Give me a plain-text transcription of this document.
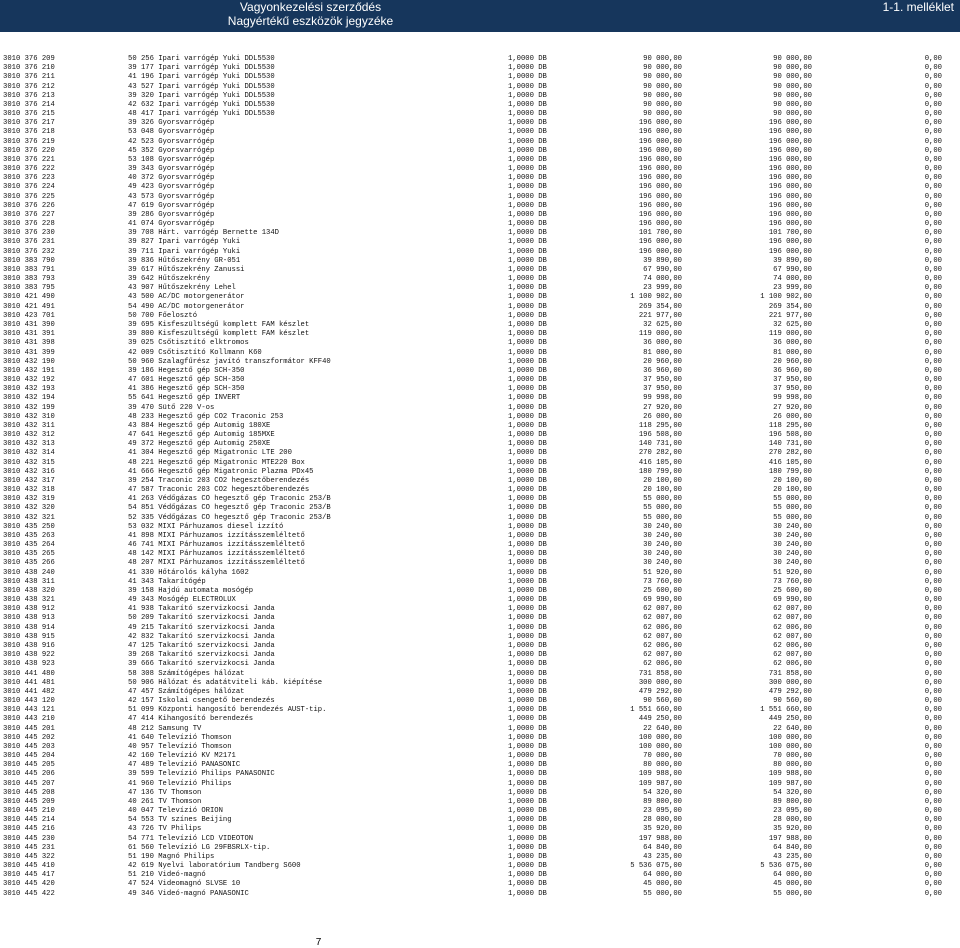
Vagyonkezelési szerződés
Nagyértékű eszközök jegyzéke
1-1. melléklet
3010 376 209	50 256 Ipari varrógép Yuki DDL5530	1,0000 DB	90 000,00	90 000,00	0,00
3010 376 210	39 177 Ipari varrógép Yuki DDL5530	1,0000 DB	90 000,00	90 000,00	0,00
3010 376 211	41 196 Ipari varrógép Yuki DDL5530	1,0000 DB	90 000,00	90 000,00	0,00
3010 376 212	43 527 Ipari varrógép Yuki DDL5530	1,0000 DB	90 000,00	90 000,00	0,00
3010 376 213	39 320 Ipari varrógép Yuki DDL5530	1,0000 DB	90 000,00	90 000,00	0,00
3010 376 214	42 632 Ipari varrógép Yuki DDL5530	1,0000 DB	90 000,00	90 000,00	0,00
3010 376 215	48 417 Ipari varrógép Yuki DDL5530	1,0000 DB	90 000,00	90 000,00	0,00
3010 376 217	39 326 Gyorsvarrógép	1,0000 DB	196 000,00	196 000,00	0,00
3010 376 218	53 048 Gyorsvarrógép	1,0000 DB	196 000,00	196 000,00	0,00
3010 376 219	42 523 Gyorsvarrógép	1,0000 DB	196 000,00	196 000,00	0,00
3010 376 220	45 352 Gyorsvarrógép	1,0000 DB	196 000,00	196 000,00	0,00
3010 376 221	53 108 Gyorsvarrógép	1,0000 DB	196 000,00	196 000,00	0,00
3010 376 222	39 343 Gyorsvarrógép	1,0000 DB	196 000,00	196 000,00	0,00
3010 376 223	40 372 Gyorsvarrógép	1,0000 DB	196 000,00	196 000,00	0,00
3010 376 224	49 423 Gyorsvarrógép	1,0000 DB	196 000,00	196 000,00	0,00
3010 376 225	43 573 Gyorsvarrógép	1,0000 DB	196 000,00	196 000,00	0,00
3010 376 226	47 619 Gyorsvarrógép	1,0000 DB	196 000,00	196 000,00	0,00
3010 376 227	39 286 Gyorsvarrógép	1,0000 DB	196 000,00	196 000,00	0,00
3010 376 228	41 074 Gyorsvarrógép	1,0000 DB	196 000,00	196 000,00	0,00
3010 376 230	39 708 Hárt. varrógép Bernette 134D	1,0000 DB	101 700,00	101 700,00	0,00
3010 376 231	39 827 Ipari varrógép Yuki	1,0000 DB	196 000,00	196 000,00	0,00
3010 376 232	39 711 Ipari varrógép Yuki	1,0000 DB	196 000,00	196 000,00	0,00
3010 383 790	39 836 Hűtőszekrény GR-051	1,0000 DB	39 890,00	39 890,00	0,00
3010 383 791	39 617 Hűtőszekrény Zanussi	1,0000 DB	67 990,00	67 990,00	0,00
3010 383 793	39 642 Hűtőszekrény	1,0000 DB	74 000,00	74 000,00	0,00
3010 383 795	43 907 Hűtőszekrény Lehel	1,0000 DB	23 999,00	23 999,00	0,00
3010 421 490	43 500 AC/DC motorgenerátor	1,0000 DB	1 100 902,00	1 100 902,00	0,00
3010 421 491	54 490 AC/DC motorgenerátor	1,0000 DB	269 354,00	269 354,00	0,00
3010 423 701	50 700 Főelosztó	1,0000 DB	221 977,00	221 977,00	0,00
3010 431 390	39 695 Kisfeszültségű komplett FAM készlet	1,0000 DB	32 625,00	32 625,00	0,00
3010 431 391	39 800 Kisfeszültségű komplett FAM készlet	1,0000 DB	119 000,00	119 000,00	0,00
3010 431 398	39 025 Csőtisztító elktromos	1,0000 DB	36 000,00	36 000,00	0,00
3010 431 399	42 009 Csőtisztító Kollmann K60	1,0000 DB	81 000,00	81 000,00	0,00
3010 432 190	50 960 Szalagfűrész javító transzformátor KFF40	1,0000 DB	20 960,00	20 960,00	0,00
3010 432 191	39 186 Hegesztő gép SCH-350	1,0000 DB	36 960,00	36 960,00	0,00
3010 432 192	47 601 Hegesztő gép SCH-350	1,0000 DB	37 950,00	37 950,00	0,00
3010 432 193	41 386 Hegesztő gép SCH-350	1,0000 DB	37 950,00	37 950,00	0,00
3010 432 194	55 641 Hegesztő gép INVERT	1,0000 DB	99 998,00	99 998,00	0,00
3010 432 199	39 470 Sütő 220 V-os	1,0000 DB	27 920,00	27 920,00	0,00
3010 432 310	48 233 Hegesztő gép CO2 Traconic 253	1,0000 DB	26 000,00	26 000,00	0,00
3010 432 311	43 884 Hegesztő gép Automig 180XE	1,0000 DB	118 295,00	118 295,00	0,00
3010 432 312	47 641 Hegesztő gép Automig 185MXE	1,0000 DB	196 508,00	196 508,00	0,00
3010 432 313	49 372 Hegesztő gép Automig 250XE	1,0000 DB	140 731,00	140 731,00	0,00
3010 432 314	41 304 Hegesztő gép Migatronic LTE 200	1,0000 DB	270 282,00	270 282,00	0,00
3010 432 315	48 221 Hegesztő gép Migatronic MTE220 Box	1,0000 DB	416 105,00	416 105,00	0,00
3010 432 316	41 666 Hegesztő gép Migatronic Plazma PDx45	1,0000 DB	180 799,00	180 799,00	0,00
3010 432 317	39 254 Traconic 203 CO2 hegesztőberendezés	1,0000 DB	20 100,00	20 100,00	0,00
3010 432 318	47 587 Traconic 203 CO2 hegesztőberendezés	1,0000 DB	20 100,00	20 100,00	0,00
3010 432 319	41 263 Védőgázas CO hegesztő gép Traconic 253/B	1,0000 DB	55 000,00	55 000,00	0,00
3010 432 320	54 851 Védőgázas CO hegesztő gép Traconic 253/B	1,0000 DB	55 000,00	55 000,00	0,00
3010 432 321	52 335 Védőgázas CO hegesztő gép Traconic 253/B	1,0000 DB	55 000,00	55 000,00	0,00
3010 435 250	53 032 MIXI Párhuzamos diesel izzító	1,0000 DB	30 240,00	30 240,00	0,00
3010 435 263	41 898 MIXI Párhuzamos izzításszemléltető	1,0000 DB	30 240,00	30 240,00	0,00
3010 435 264	46 741 MIXI Párhuzamos izzításszemléltető	1,0000 DB	30 240,00	30 240,00	0,00
3010 435 265	48 142 MIXI Párhuzamos izzításszemléltető	1,0000 DB	30 240,00	30 240,00	0,00
3010 435 266	48 207 MIXI Párhuzamos izzításszemléltető	1,0000 DB	30 240,00	30 240,00	0,00
3010 438 240	41 330 Hőtárolós kályha 1602	1,0000 DB	51 920,00	51 920,00	0,00
3010 438 311	41 343 Takarítógép	1,0000 DB	73 760,00	73 760,00	0,00
3010 438 320	39 158 Hajdú automata mosógép	1,0000 DB	25 600,00	25 600,00	0,00
3010 438 321	49 343 Mosógép ELECTROLUX	1,0000 DB	69 990,00	69 990,00	0,00
3010 438 912	41 938 Takarító szervizkocsi Janda	1,0000 DB	62 007,00	62 007,00	0,00
3010 438 913	50 209 Takarító szervizkocsi Janda	1,0000 DB	62 007,00	62 007,00	0,00
3010 438 914	49 215 Takarító szervizkocsi Janda	1,0000 DB	62 006,00	62 006,00	0,00
3010 438 915	42 832 Takarító szervizkocsi Janda	1,0000 DB	62 007,00	62 007,00	0,00
3010 438 916	47 125 Takarító szervizkocsi Janda	1,0000 DB	62 006,00	62 006,00	0,00
3010 438 922	39 268 Takarító szervizkocsi Janda	1,0000 DB	62 007,00	62 007,00	0,00
3010 438 923	39 666 Takarító szervizkocsi Janda	1,0000 DB	62 006,00	62 006,00	0,00
3010 441 480	58 308 Számítógépes hálózat	1,0000 DB	731 858,00	731 858,00	0,00
3010 441 481	50 906 Hálózat és adatátviteli káb. kiépítése	1,0000 DB	300 000,00	300 000,00	0,00
3010 441 482	47 457 Számítógépes hálózat	1,0000 DB	479 292,00	479 292,00	0,00
3010 443 120	42 157 Iskolai csengető berendezés	1,0000 DB	90 560,00	90 560,00	0,00
3010 443 121	51 099 Központi hangosító berendezés AUST-tip.	1,0000 DB	1 551 660,00	1 551 660,00	0,00
3010 443 210	47 414 Kihangosító berendezés	1,0000 DB	449 250,00	449 250,00	0,00
3010 445 201	48 212 Samsung TV	1,0000 DB	22 640,00	22 640,00	0,00
3010 445 202	41 640 Televízió Thomson	1,0000 DB	100 000,00	100 000,00	0,00
3010 445 203	40 957 Televízió Thomson	1,0000 DB	100 000,00	100 000,00	0,00
3010 445 204	42 160 Televízió KV M2171	1,0000 DB	70 000,00	70 000,00	0,00
3010 445 205	47 489 Televízió PANASONIC	1,0000 DB	80 000,00	80 000,00	0,00
3010 445 206	39 599 Televízió Philips PANASONIC	1,0000 DB	109 988,00	109 988,00	0,00
3010 445 207	41 960 Televízió Philips	1,0000 DB	109 987,00	109 987,00	0,00
3010 445 208	47 136 TV Thomson	1,0000 DB	54 320,00	54 320,00	0,00
3010 445 209	40 261 TV Thomson	1,0000 DB	89 800,00	89 800,00	0,00
3010 445 210	40 047 Televízió ORION	1,0000 DB	23 095,00	23 095,00	0,00
3010 445 214	54 553 TV színes Beijing	1,0000 DB	28 000,00	28 000,00	0,00
3010 445 216	43 726 TV Philips	1,0000 DB	35 920,00	35 920,00	0,00
3010 445 230	54 771 Televízió LCD VIDEOTON	1,0000 DB	197 988,00	197 988,00	0,00
3010 445 231	61 560 Televízió LG 29FBSRLX-tip.	1,0000 DB	64 840,00	64 840,00	0,00
3010 445 322	51 190 Magnó Philips	1,0000 DB	43 235,00	43 235,00	0,00
3010 445 410	42 619 Nyelvi laboratórium Tandberg S600	1,0000 DB	5 536 075,00	5 536 075,00	0,00
3010 445 417	51 210 Videó-magnó	1,0000 DB	64 000,00	64 000,00	0,00
3010 445 420	47 524 Videomagnó SLVSE 10	1,0000 DB	45 000,00	45 000,00	0,00
3010 445 422	49 346 Videó-magnó PANASONIC	1,0000 DB	55 000,00	55 000,00	0,00
7
